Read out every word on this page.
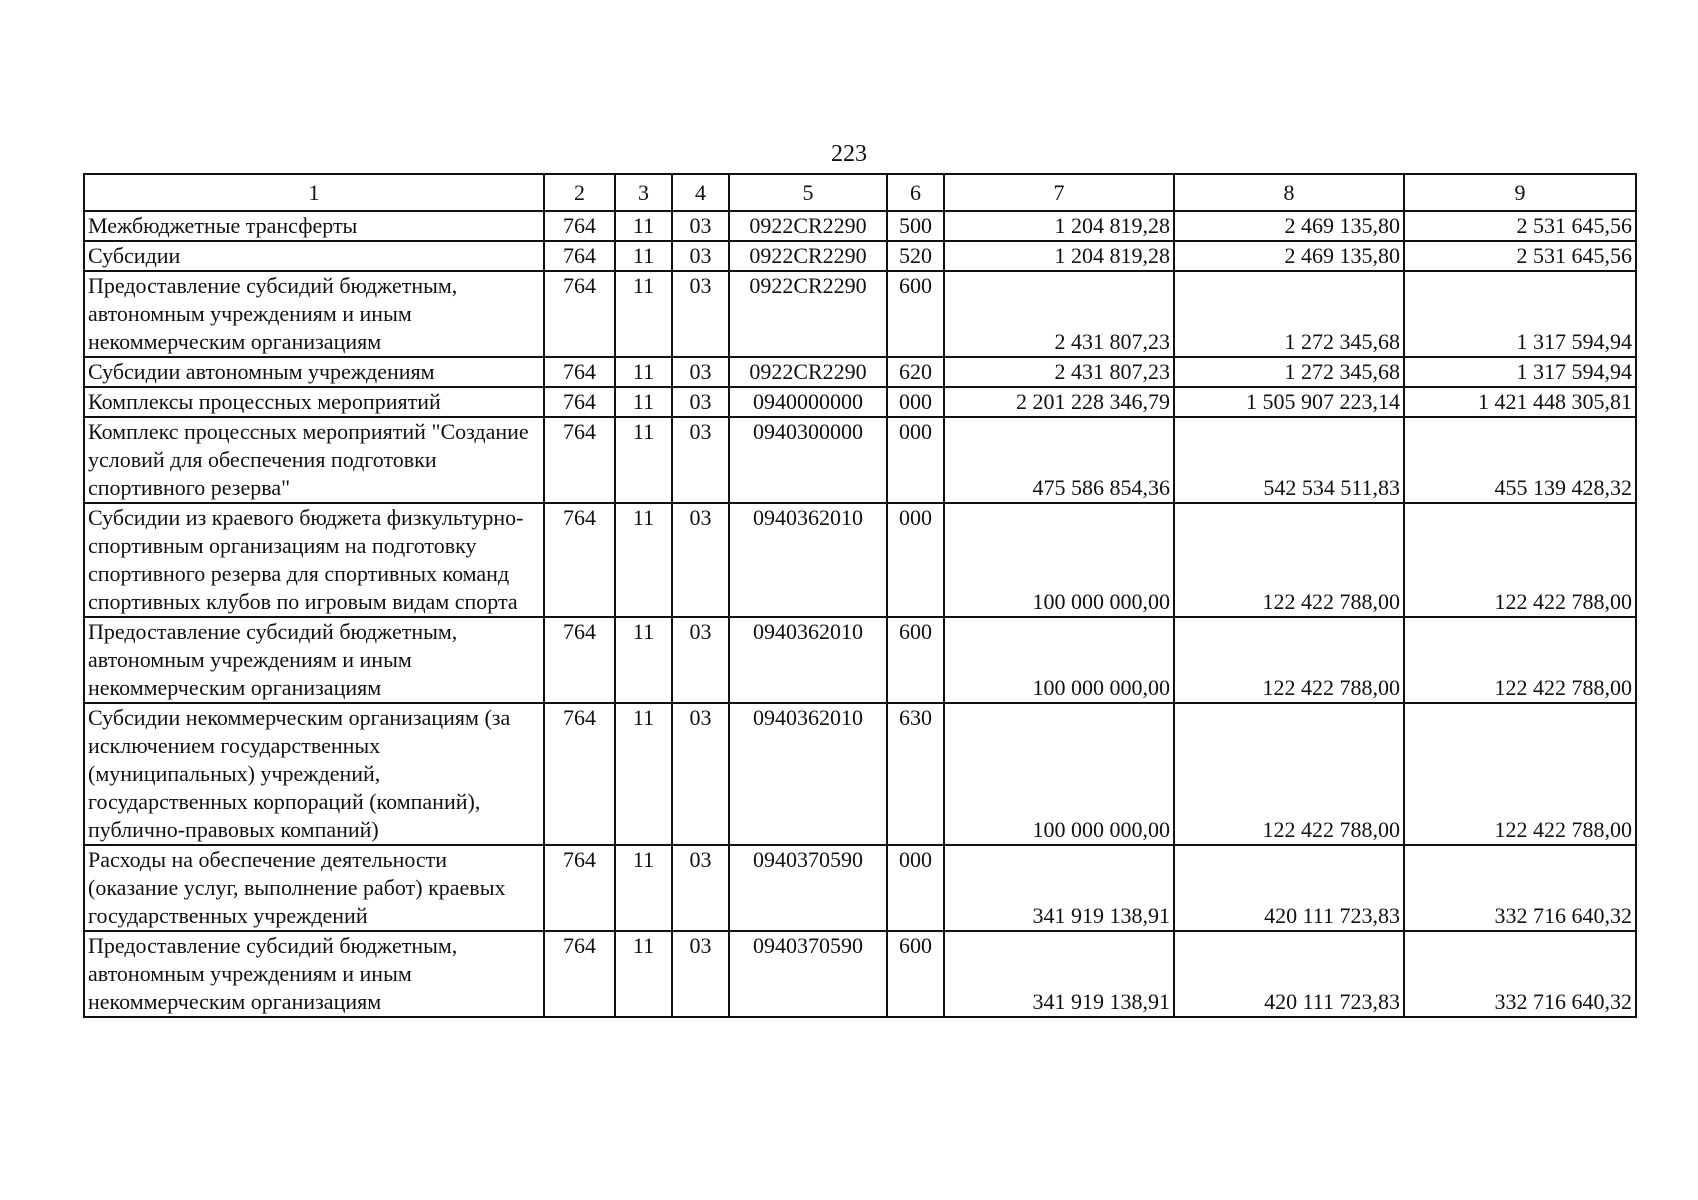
223
1	2	3	4	5	6	7	8	9
Межбюджетные трансферты	764	11	03	0922CR2290	500	1 204 819,28	2 469 135,80	2 531 645,56
Субсидии	764	11	03	0922CR2290	520	1 204 819,28	2 469 135,80	2 531 645,56
Предоставление субсидий бюджетным, автономным учреждениям и иным некоммерческим организациям	764	11	03	0922CR2290	600	2 431 807,23	1 272 345,68	1 317 594,94
Субсидии автономным учреждениям	764	11	03	0922CR2290	620	2 431 807,23	1 272 345,68	1 317 594,94
Комплексы процессных мероприятий	764	11	03	0940000000	000	2 201 228 346,79	1 505 907 223,14	1 421 448 305,81
Комплекс процессных мероприятий "Создание условий для обеспечения подготовки спортивного резерва"	764	11	03	0940300000	000	475 586 854,36	542 534 511,83	455 139 428,32
Субсидии из краевого бюджета физкультурно-спортивным организациям на подготовку спортивного резерва для спортивных команд спортивных клубов по игровым видам спорта	764	11	03	0940362010	000	100 000 000,00	122 422 788,00	122 422 788,00
Предоставление субсидий бюджетным, автономным учреждениям и иным некоммерческим организациям	764	11	03	0940362010	600	100 000 000,00	122 422 788,00	122 422 788,00
Субсидии некоммерческим организациям (за исключением государственных (муниципальных) учреждений, государственных корпораций (компаний), публично-правовых компаний)	764	11	03	0940362010	630	100 000 000,00	122 422 788,00	122 422 788,00
Расходы на обеспечение деятельности (оказание услуг, выполнение работ) краевых государственных учреждений	764	11	03	0940370590	000	341 919 138,91	420 111 723,83	332 716 640,32
Предоставление субсидий бюджетным, автономным учреждениям и иным некоммерческим организациям	764	11	03	0940370590	600	341 919 138,91	420 111 723,83	332 716 640,32
